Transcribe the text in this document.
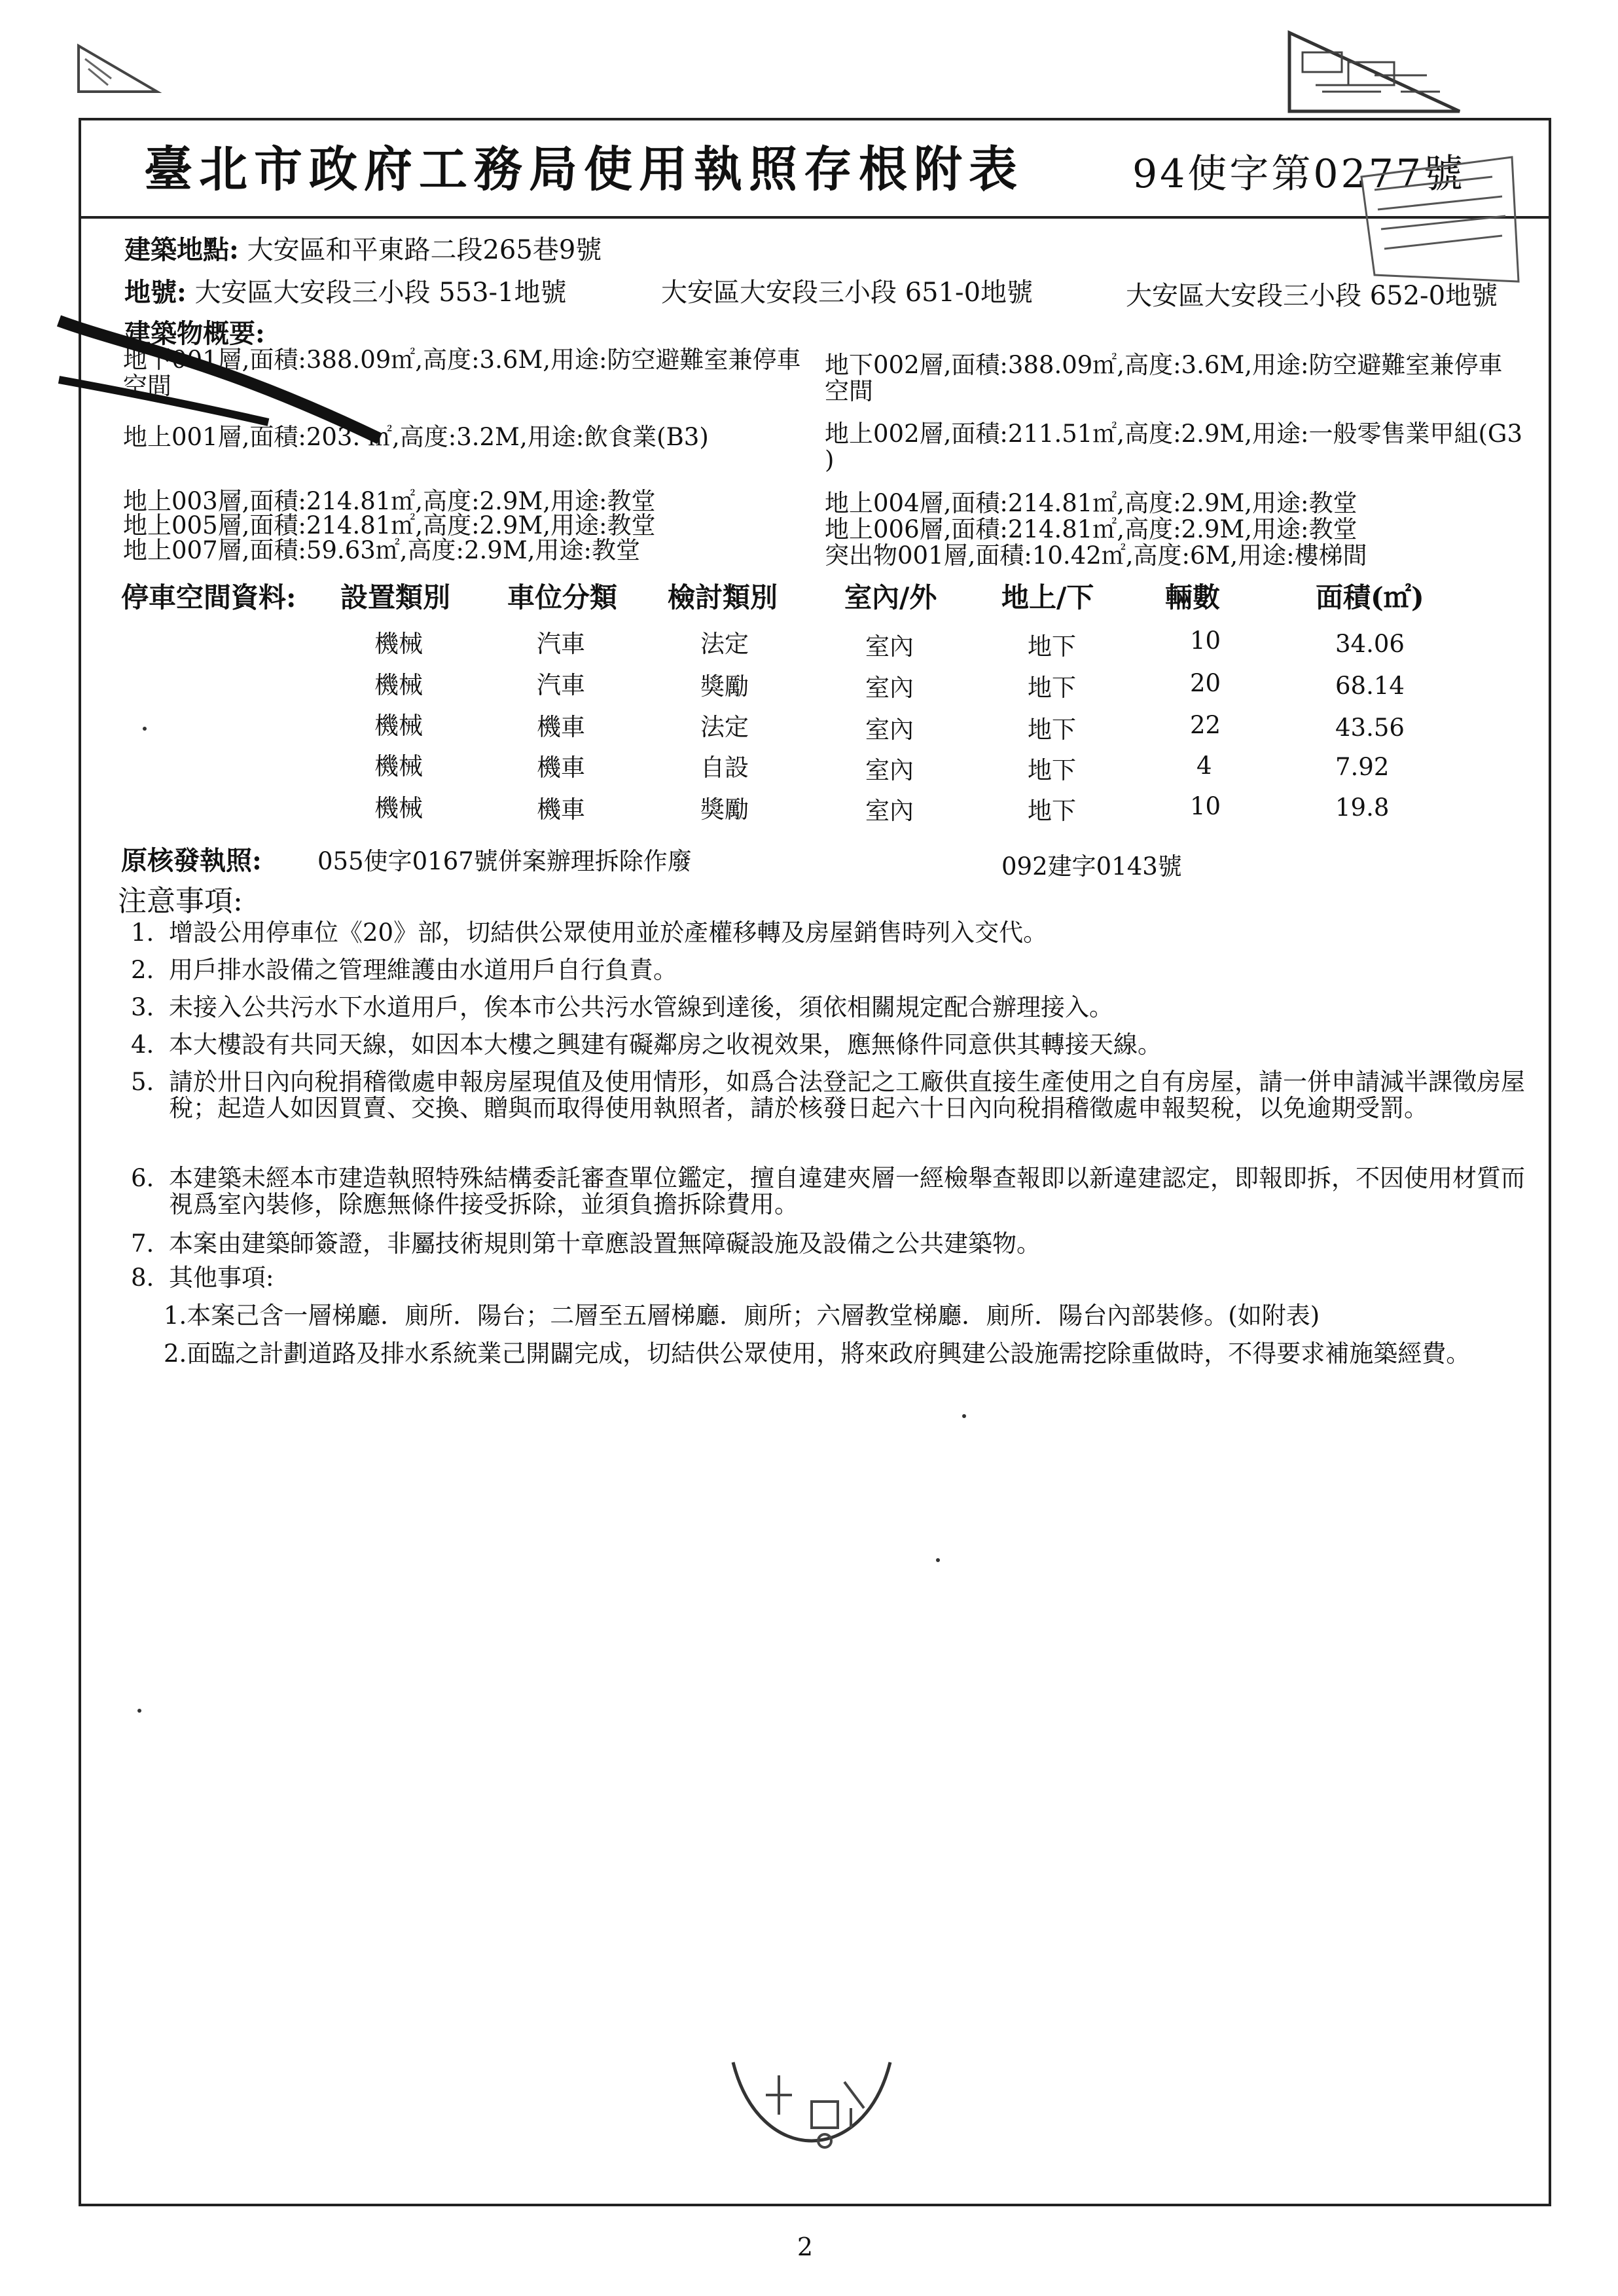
臺北市政府工務局使用執照存根附表	94使字第0277號
建築地點: 大安區和平東路二段265巷9號
地號: 大安區大安段三小段 553-1地號	大安區大安段三小段 651-0地號	大安區大安段三小段 652-0地號
建築物概要:
地下001層,面積:388.09㎡,高度:3.6M,用途:防空避難室兼停車
空間
地下002層,面積:388.09㎡,高度:3.6M,用途:防空避難室兼停車
空間
地上001層,面積:203. ㎡,高度:3.2M,用途:飲食業(B3)	地上002層,面積:211.51㎡,高度:2.9M,用途:一般零售業甲組(G3
)
地上003層,面積:214.81㎡,高度:2.9M,用途:教堂	地上004層,面積:214.81㎡,高度:2.9M,用途:教堂
地上005層,面積:214.81㎡,高度:2.9M,用途:教堂	地上006層,面積:214.81㎡,高度:2.9M,用途:教堂
地上007層,面積:59.63㎡,高度:2.9M,用途:教堂	突出物001層,面積:10.42㎡,高度:6M,用途:樓梯間
停車空間資料: 設置類別 車位分類 檢討類別 室內/外 地上/下	輛數	面積(㎡)
機械	汽車	法定	室內	地下	10	34.06
機械	汽車	獎勵	室內	地下	20	68.14
機械	機車	法定	室內	地下	22	43.56
機械	機車	自設	室內	地下	4	7.92
機械	機車	獎勵	室內	地下	10	19.8
原核發執照: 055使字0167號併案辦理拆除作廢	092建字0143號
注意事項:
1. 增設公用停車位《20》部，切結供公眾使用並於產權移轉及房屋銷售時列入交代。
2. 用戶排水設備之管理維護由水道用戶自行負責。
3. 未接入公共污水下水道用戶，俟本市公共污水管線到達後，須依相關規定配合辦理接入。
4. 本大樓設有共同天線，如因本大樓之興建有礙鄰房之收視效果，應無條件同意供其轉接天線。
5. 請於卅日內向稅捐稽徵處申報房屋現值及使用情形，如爲合法登記之工廠供直接生產使用之自有房屋，請一併申請減半課徵房屋稅；起造人如因買賣、交換、贈與而取得使用執照者，請於核發日起六十日內向稅捐稽徵處申報契稅，以免逾期受罰。
6. 本建築未經本市建造執照特殊結構委託審查單位鑑定，擅自違建夾層一經檢舉查報即以新違建認定，即報即拆，不因使用材質而視爲室內裝修，除應無條件接受拆除，並須負擔拆除費用。
7. 本案由建築師簽證，非屬技術規則第十章應設置無障礙設施及設備之公共建築物。
8. 其他事項:
1.本案己含一層梯廳．廁所．陽台；二層至五層梯廳．廁所；六層教堂梯廳．廁所．陽台內部裝修。(如附表)
2.面臨之計劃道路及排水系統業己開闢完成，切結供公眾使用，將來政府興建公設施需挖除重做時，不得要求補施築經費。
2
